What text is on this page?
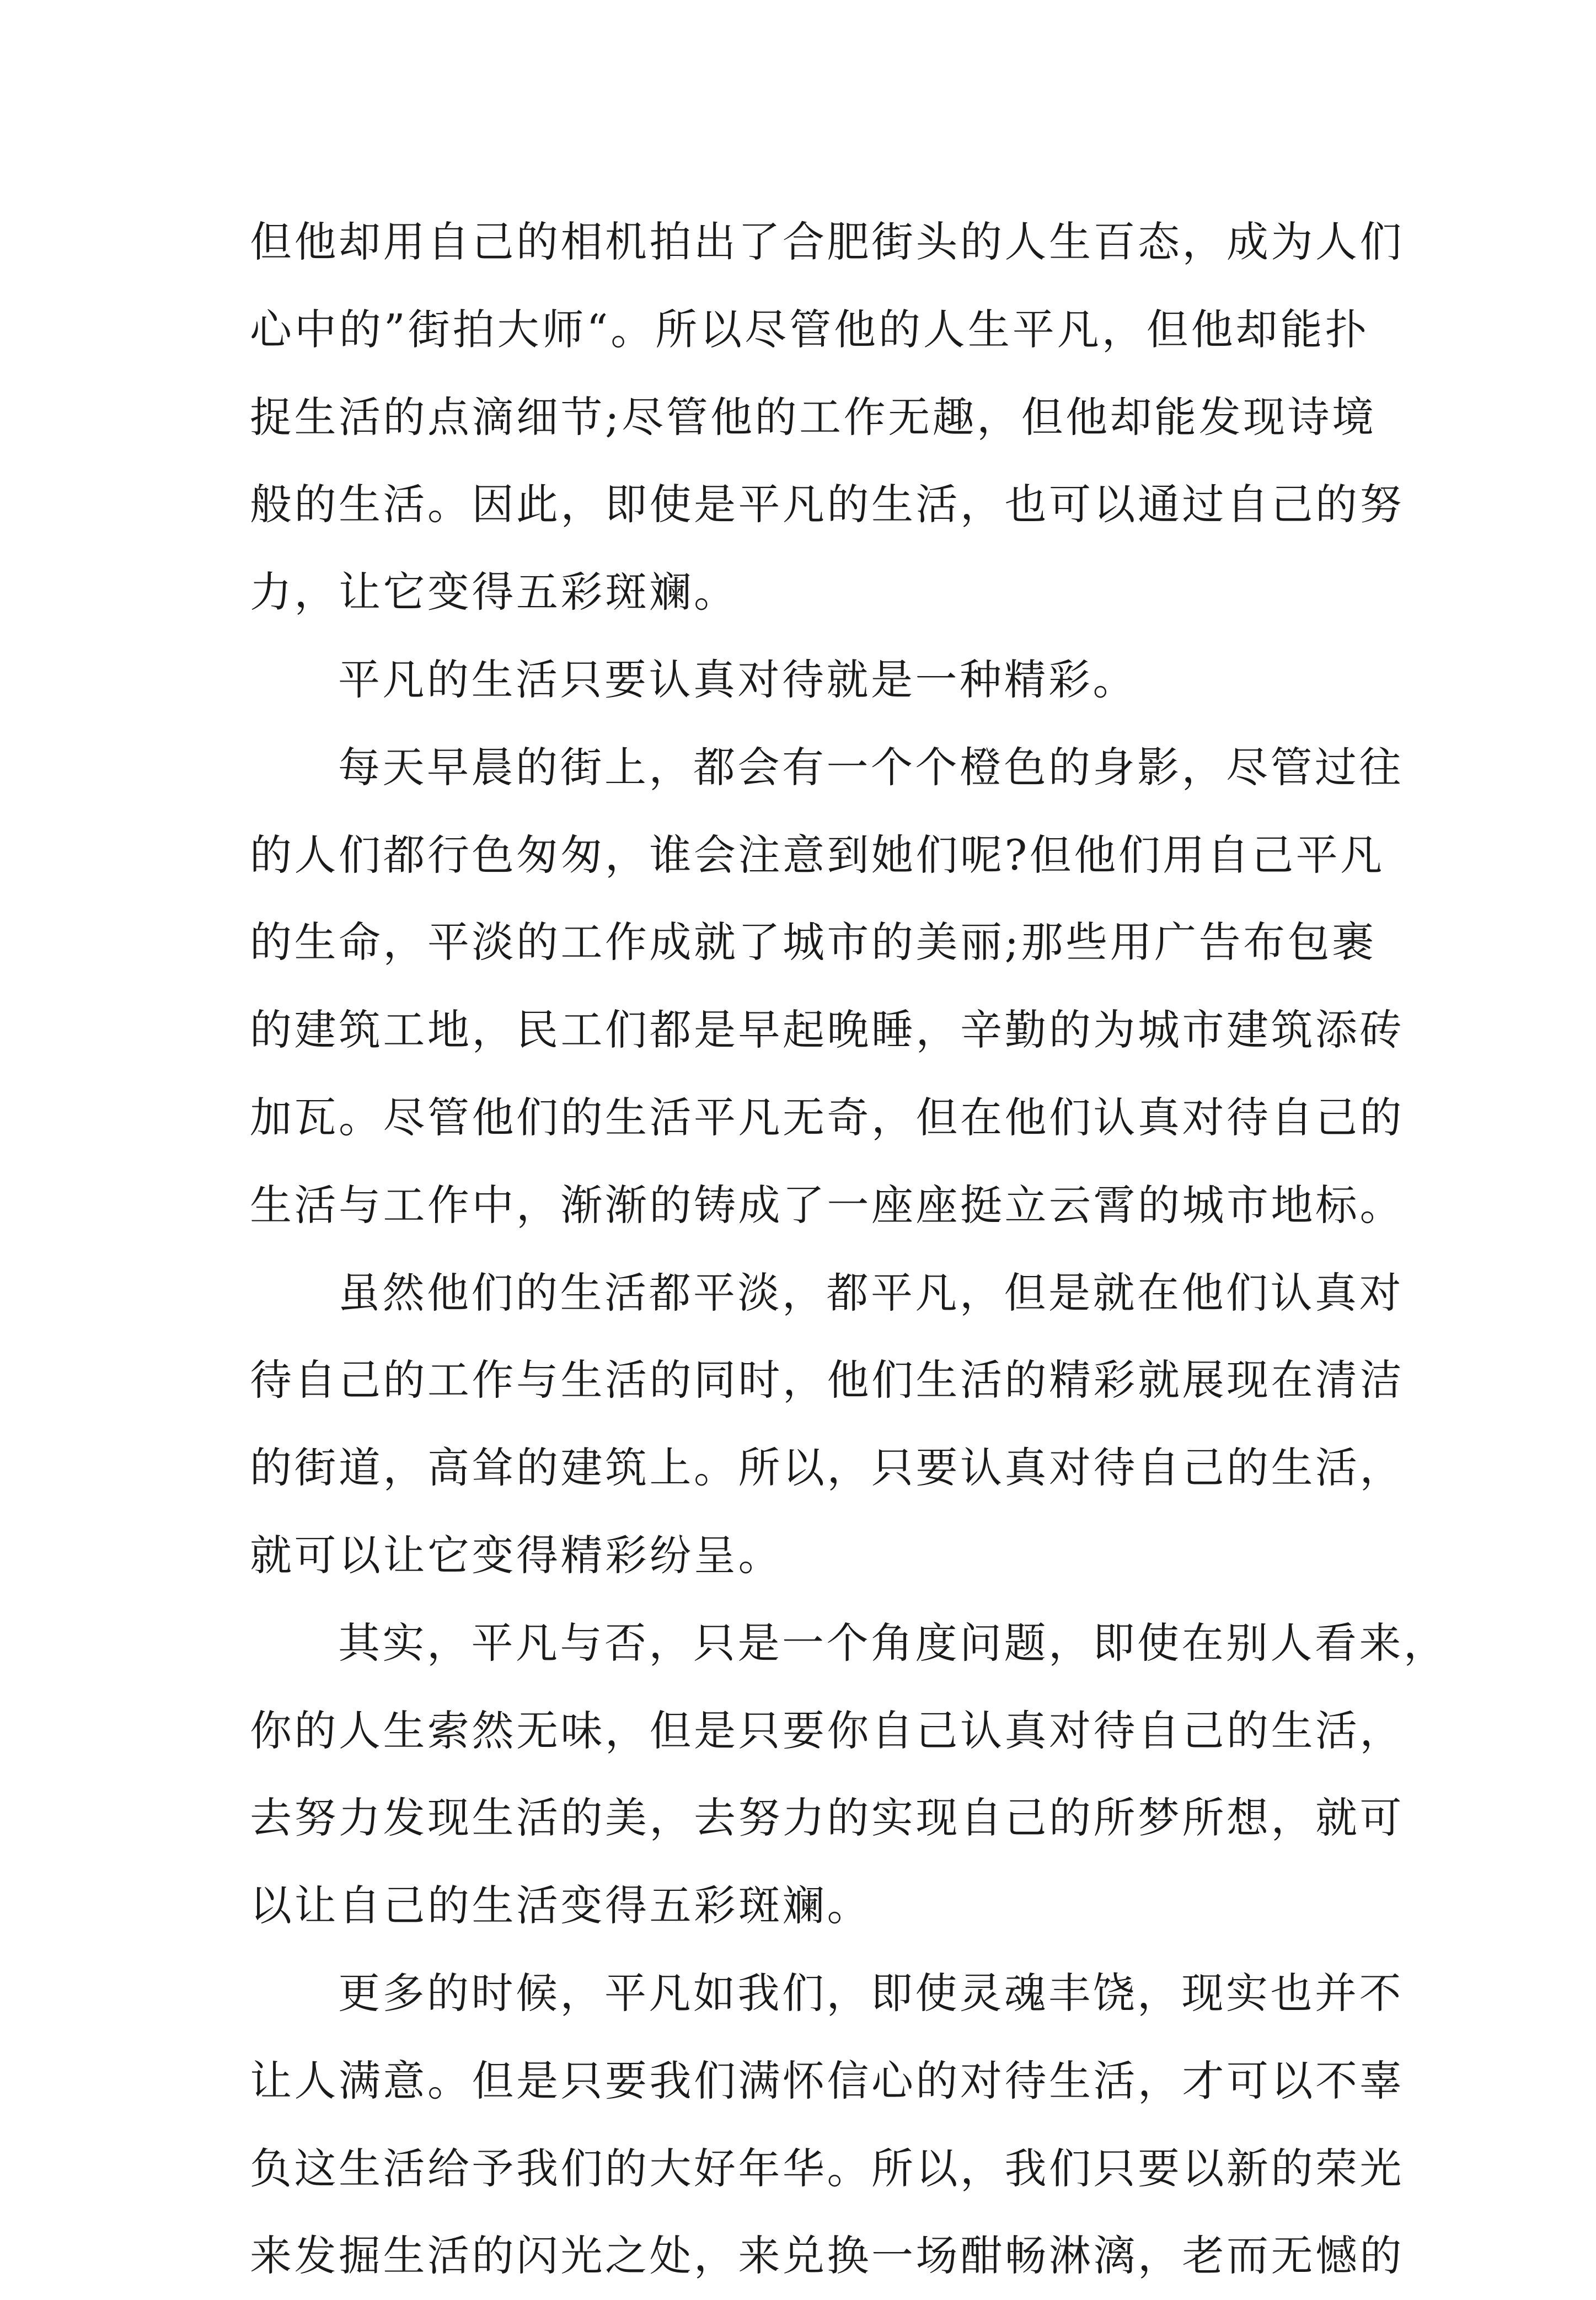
但他却用自己的相机拍出了合肥街头的人生百态，成为人们
心中的”街拍大师“。所以尽管他的人生平凡，但他却能扑
捉生活的点滴细节;尽管他的工作无趣，但他却能发现诗境
般的生活。因此，即使是平凡的生活，也可以通过自己的努
力，让它变得五彩斑斓。
平凡的生活只要认真对待就是一种精彩。
每天早晨的街上，都会有一个个橙色的身影，尽管过往
的人们都行色匆匆，谁会注意到她们呢?但他们用自己平凡
的生命，平淡的工作成就了城市的美丽;那些用广告布包裹
的建筑工地，民工们都是早起晚睡，辛勤的为城市建筑添砖
加瓦。尽管他们的生活平凡无奇，但在他们认真对待自己的
生活与工作中，渐渐的铸成了一座座挺立云霄的城市地标。
虽然他们的生活都平淡，都平凡，但是就在他们认真对
待自己的工作与生活的同时，他们生活的精彩就展现在清洁
的街道，高耸的建筑上。所以，只要认真对待自己的生活，
就可以让它变得精彩纷呈。
其实，平凡与否，只是一个角度问题，即使在别人看来，
你的人生索然无味，但是只要你自己认真对待自己的生活，
去努力发现生活的美，去努力的实现自己的所梦所想，就可
以让自己的生活变得五彩斑斓。
更多的时候，平凡如我们，即使灵魂丰饶，现实也并不
让人满意。但是只要我们满怀信心的对待生活，才可以不辜
负这生活给予我们的大好年华。所以，我们只要以新的荣光
来发掘生活的闪光之处，来兑换一场酣畅淋漓，老而无憾的
